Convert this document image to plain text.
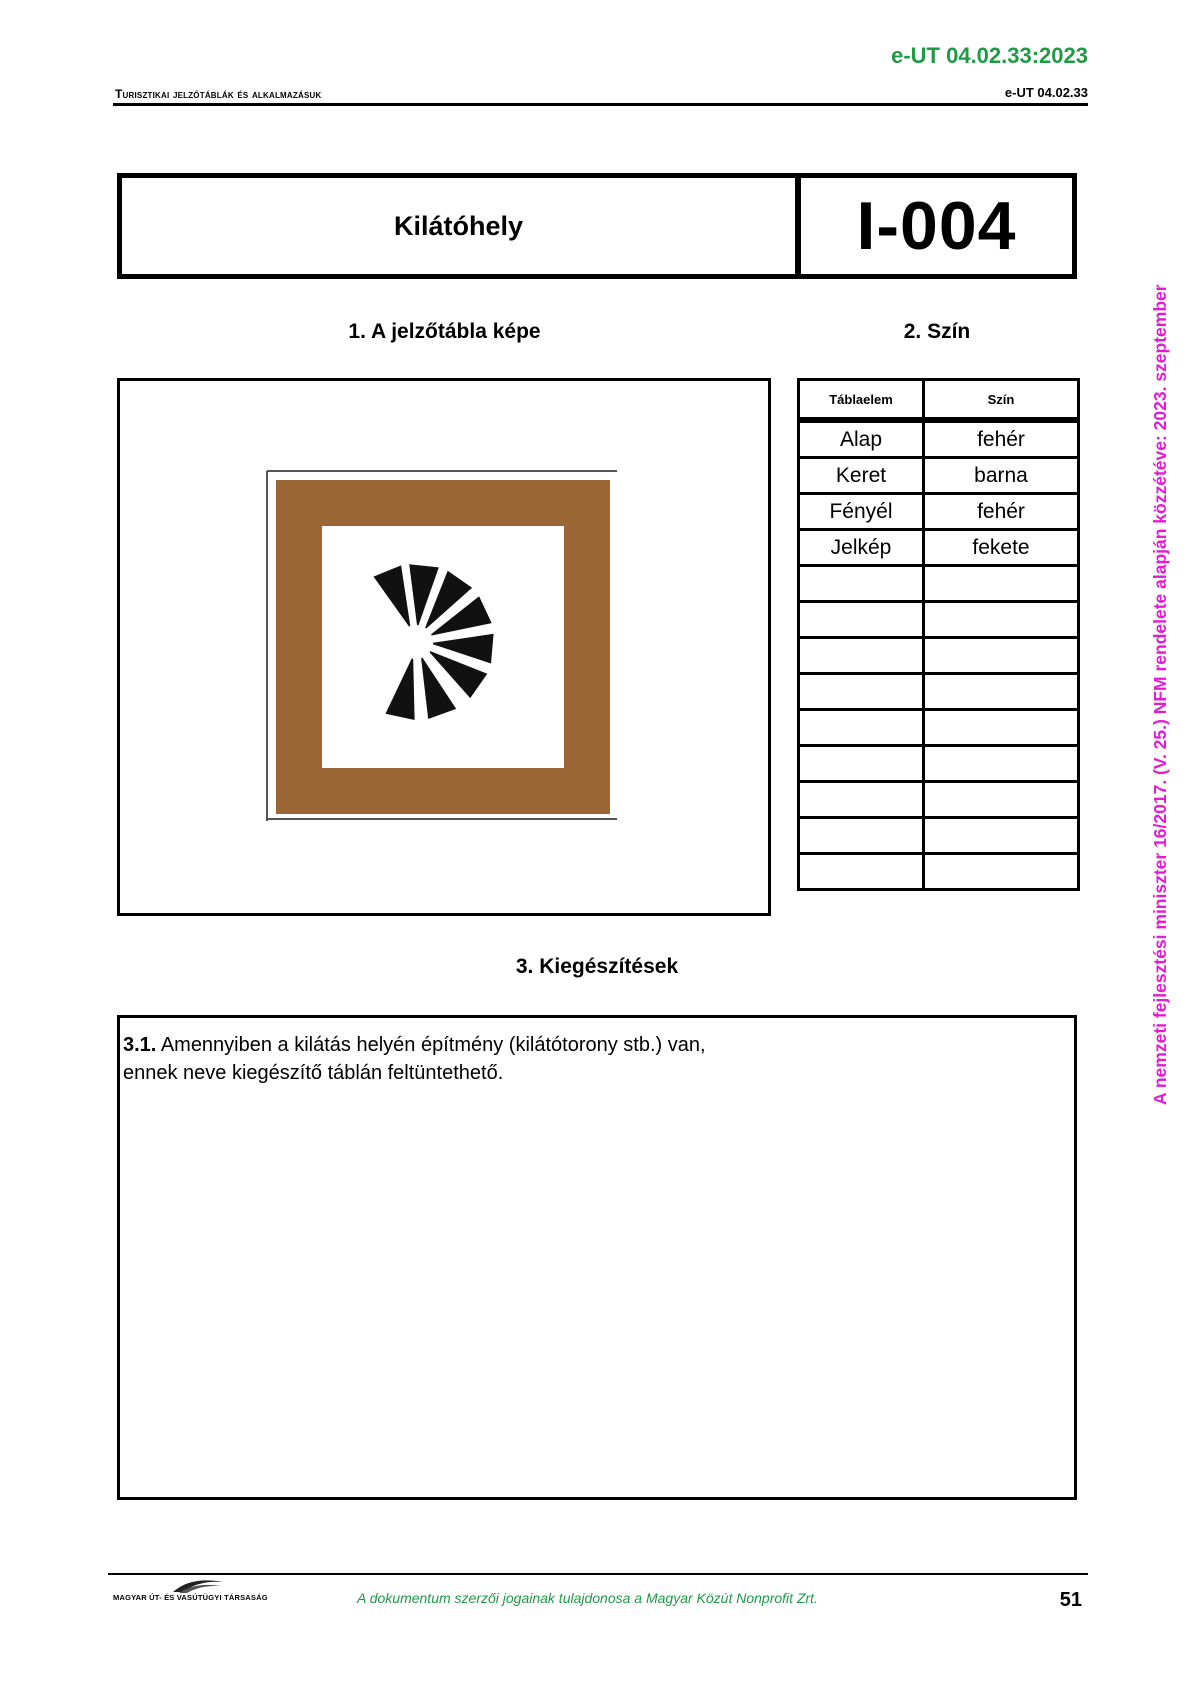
e-UT 04.02.33:2023
Turisztikai jelzőtáblák és alkalmazásuk	e-UT 04.02.33
A nemzeti fejlesztési miniszter 16/2017. (V. 25.) NFM rendelete alapján közzétéve: 2023. szeptember
Kilátóhely	I-004
1. A jelzőtábla képe	2. Szín
Táblaelem	Szín
Alap	fehér
Keret	barna
Fényél	fehér
Jelkép	fekete

3. Kiegészítések
3.1. Amennyiben a kilátás helyén építmény (kilátótorony stb.) van,
ennek neve kiegészítő táblán feltüntethető.
MAGYAR ÚT- ÉS VASÚTÜGYI TÁRSASÁG	A dokumentum szerzői jogainak tulajdonosa a Magyar Közút Nonprofit Zrt.	51
